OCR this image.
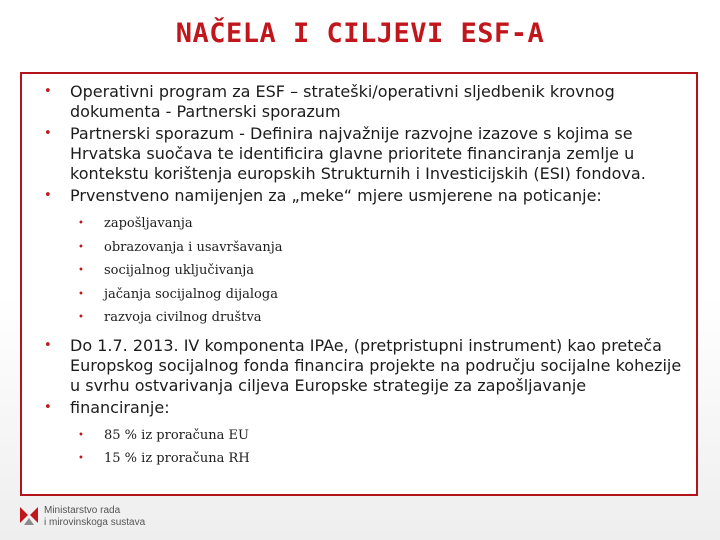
NAČELA I CILJEVI ESF-A
• Operativni program za ESF – strateški/operativni sljedbenik krovnog dokumenta - Partnerski sporazum
• Partnerski sporazum - Definira najvažnije razvojne izazove s kojima se Hrvatska suočava te identificira glavne prioritete financiranja zemlje u kontekstu korištenja europskih Strukturnih i Investicijskih (ESI) fondova.
• Prvenstveno namijenjen za „meke“ mjere usmjerene na poticanje:
• zapošljavanja
• obrazovanja i usavršavanja
• socijalnog uključivanja
• jačanja socijalnog dijaloga
• razvoja civilnog društva
• Do 1.7. 2013. IV komponenta IPAe, (pretpristupni instrument) kao preteča Europskog socijalnog fonda financira projekte na području socijalne kohezije u svrhu ostvarivanja ciljeva Europske strategije za zapošljavanje
• financiranje:
• 85 % iz proračuna EU
• 15 % iz proračuna RH
Ministarstvo rada
i mirovinskoga sustava
